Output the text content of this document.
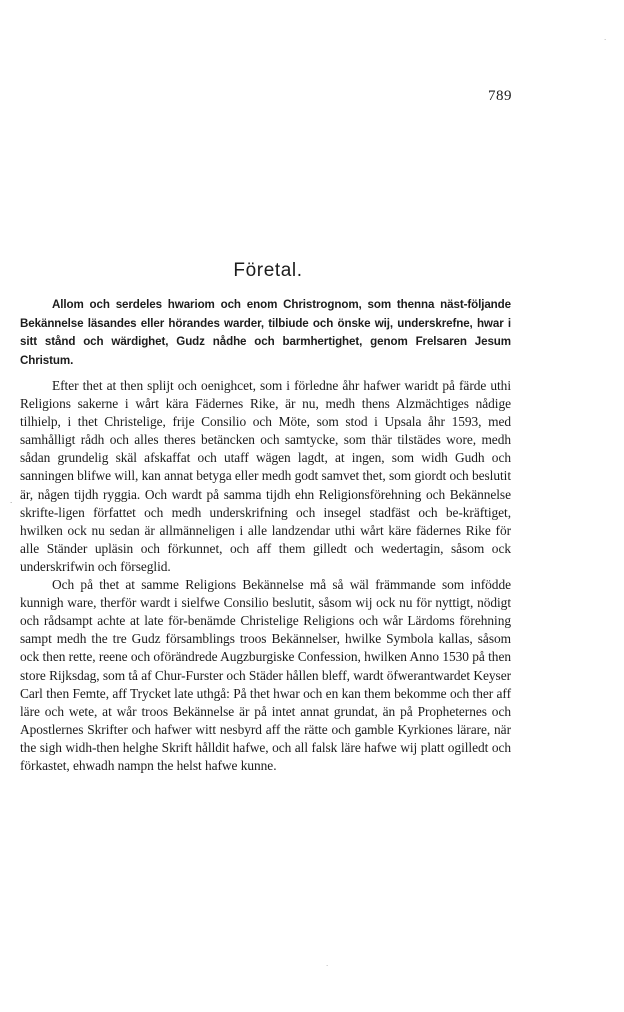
·
789
Företal.

Allom och serdeles hwariom och enom Christrognom, som thenna näst-följande Bekännelse läsandes eller hörandes warder, tilbiude och önske wij, underskrefne, hwar i sitt stånd och wärdighet, Gudz nådhe och barmhertighet, genom Frelsaren Jesum Christum.

Efter thet at then splijt och oenighcet, som i förledne åhr hafwer waridt på färde uthi Religions sakerne i wårt kära Fädernes Rike, är nu, medh thens Alzmächtiges nådige tilhielp, i thet Christelige, frije Consilio och Möte, som stod i Upsala åhr 1593, med samhålligt rådh och alles theres betäncken och samtycke, som thär tilstädes wore, medh sådan grundelig skäl afskaffat och utaff wägen lagdt, at ingen, som widh Gudh och sanningen blifwe will, kan annat betyga eller medh godt samvet thet, som giordt och beslutit är, någen tijdh ryggia. Och wardt på samma tijdh ehn Religionsförehning och Bekännelse skrifte-ligen författet och medh underskrifning och insegel stadfäst och be-kräftiget, hwilken ock nu sedan är allmänneligen i alle landzendar uthi wårt käre fädernes Rike för alle Ständer upläsin och förkunnet, och aff them gilledt och wedertagin, såsom ock underskrifwin och förseglid.

Och på thet at samme Religions Bekännelse må så wäl främmande som infödde kunnigh ware, therför wardt i sielfwe Consilio beslutit, såsom wij ock nu för nyttigt, nödigt och rådsampt achte at late för-benämde Christelige Religions och wår Lärdoms förehning sampt medh the tre Gudz församblings troos Bekännelser, hwilke Symbola kallas, såsom ock then rette, reene och oförändrede Augzburgiske Confession, hwilken Anno 1530 på then store Rijksdag, som tå af Chur-Furster och Städer hållen bleff, wardt öfwerantwardet Keyser Carl then Femte, aff Trycket late uthgå: På thet hwar och en kan them bekomme och ther aff läre och wete, at wår troos Bekännelse är på intet annat grundat, än på Propheternes och Apostlernes Skrifter och hafwer witt nesbyrd aff the rätte och gamble Kyrkiones lärare, när the sigh widh-then helghe Skrift hålldit hafwe, och all falsk läre hafwe wij platt ogilledt och förkastet, ehwadh nampn the helst hafwe kunne.

·
·
